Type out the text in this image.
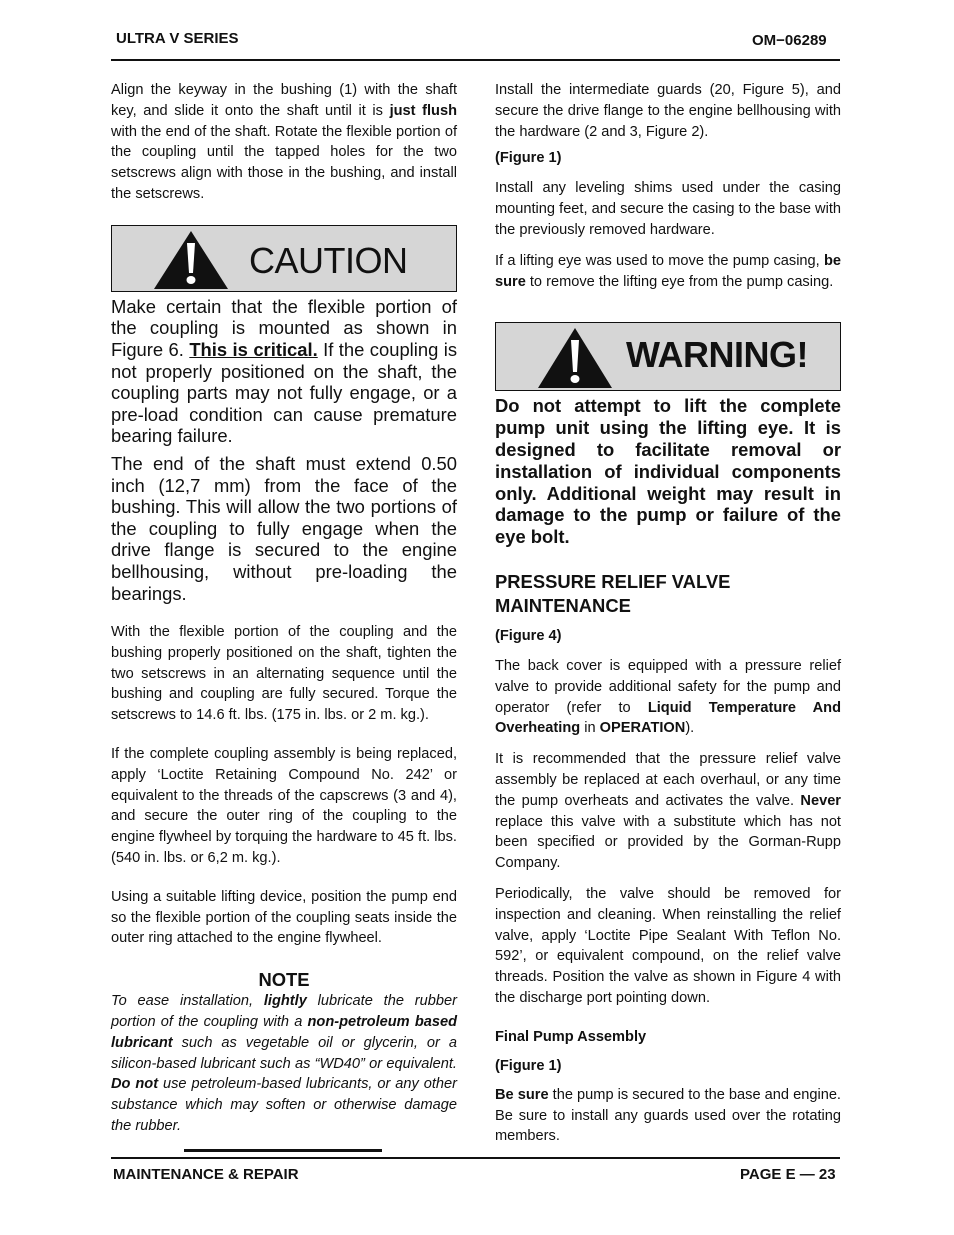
ULTRA V SERIES	OM−06289

Align the keyway in the bushing (1) with the shaft key, and slide it onto the shaft until it is just flush with the end of the shaft. Rotate the flexible portion of the coupling until the tapped holes for the two setscrews align with those in the bushing, and install the setscrews.

CAUTION

Make certain that the flexible portion of the coupling is mounted as shown in Figure 6. This is critical. If the coupling is not properly positioned on the shaft, the coupling parts may not fully engage, or a pre-load condition can cause premature bearing failure.

The end of the shaft must extend 0.50 inch (12,7 mm) from the face of the bushing. This will allow the two portions of the coupling to fully engage when the drive flange is secured to the engine bellhousing, without pre-loading the bearings.

With the flexible portion of the coupling and the bushing properly positioned on the shaft, tighten the two setscrews in an alternating sequence until the bushing and coupling are fully secured. Torque the setscrews to 14.6 ft. lbs. (175 in. lbs. or 2 m. kg.).

If the complete coupling assembly is being replaced, apply ‘Loctite Retaining Compound No. 242’ or equivalent to the threads of the capscrews (3 and 4), and secure the outer ring of the coupling to the engine flywheel by torquing the hardware to 45 ft. lbs. (540 in. lbs. or 6,2 m. kg.).

Using a suitable lifting device, position the pump end so the flexible portion of the coupling seats inside the outer ring attached to the engine flywheel.

NOTE

To ease installation, lightly lubricate the rubber portion of the coupling with a non-petroleum based lubricant such as vegetable oil or glycerin, or a silicon-based lubricant such as “WD40” or equivalent. Do not use petroleum-based lubricants, or any other substance which may soften or otherwise damage the rubber.

Install the intermediate guards (20, Figure 5), and secure the drive flange to the engine bellhousing with the hardware (2 and 3, Figure 2).

(Figure 1)

Install any leveling shims used under the casing mounting feet, and secure the casing to the base with the previously removed hardware.

If a lifting eye was used to move the pump casing, be sure to remove the lifting eye from the pump casing.

WARNING!

Do not attempt to lift the complete pump unit using the lifting eye. It is designed to facilitate removal or installation of individual components only. Additional weight may result in damage to the pump or failure of the eye bolt.

PRESSURE RELIEF VALVE MAINTENANCE
(Figure 4)

The back cover is equipped with a pressure relief valve to provide additional safety for the pump and operator (refer to Liquid Temperature And Overheating in OPERATION).

It is recommended that the pressure relief valve assembly be replaced at each overhaul, or any time the pump overheats and activates the valve. Never replace this valve with a substitute which has not been specified or provided by the Gorman-Rupp Company.

Periodically, the valve should be removed for inspection and cleaning. When reinstalling the relief valve, apply ‘Loctite Pipe Sealant With Teflon No. 592’, or equivalent compound, on the relief valve threads. Position the valve as shown in Figure 4 with the discharge port pointing down.

Final Pump Assembly
(Figure 1)

Be sure the pump is secured to the base and engine. Be sure to install any guards used over the rotating members.

MAINTENANCE & REPAIR	PAGE E — 23
